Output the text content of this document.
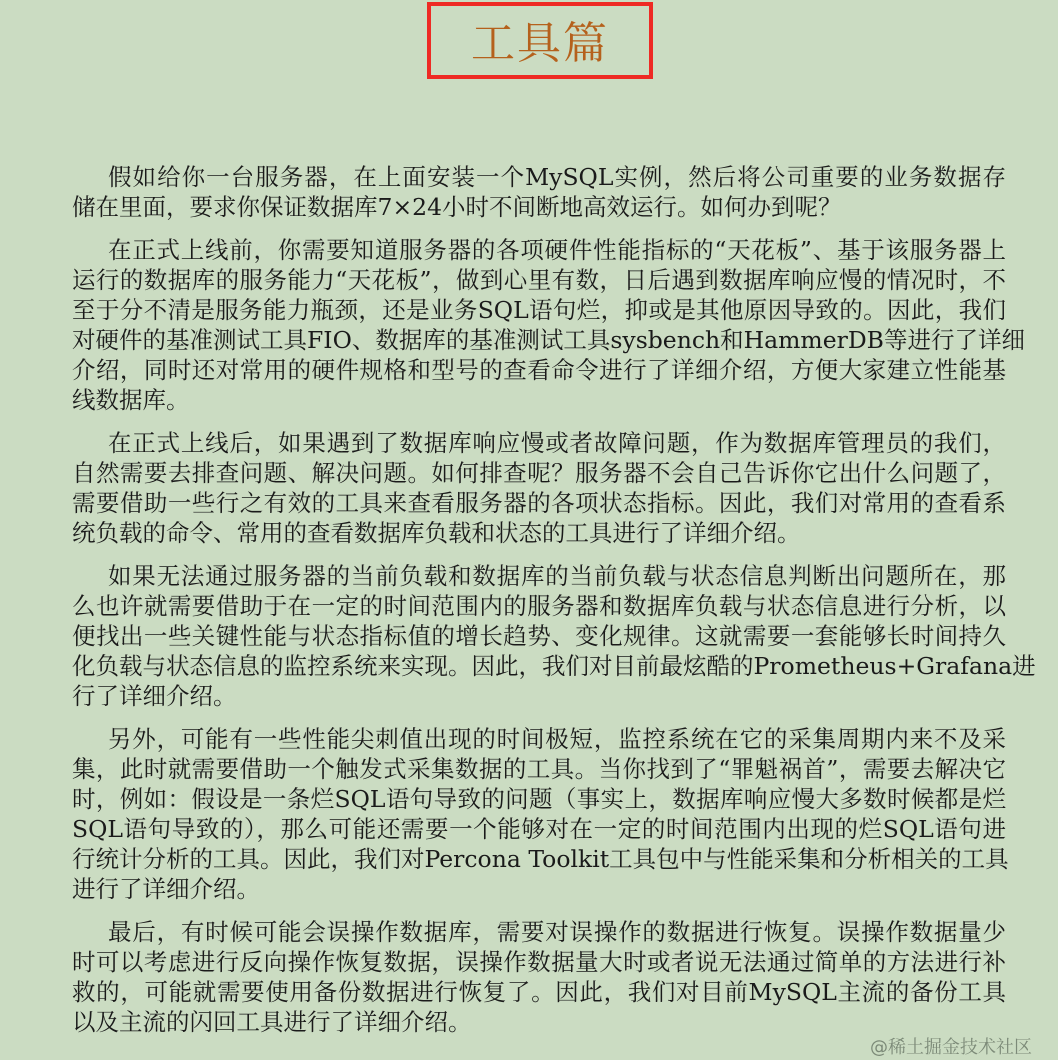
工具篇
假如给你一台服务器，在上面安装一个MySQL实例，然后将公司重要的业务数据存
储在里面，要求你保证数据库7×24小时不间断地高效运行。如何办到呢？
在正式上线前，你需要知道服务器的各项硬件性能指标的“天花板”、基于该服务器上
运行的数据库的服务能力“天花板”，做到心里有数，日后遇到数据库响应慢的情况时，不
至于分不清是服务能力瓶颈，还是业务SQL语句烂，抑或是其他原因导致的。因此，我们
对硬件的基准测试工具FIO、数据库的基准测试工具sysbench和HammerDB等进行了详细
介绍，同时还对常用的硬件规格和型号的查看命令进行了详细介绍，方便大家建立性能基
线数据库。
在正式上线后，如果遇到了数据库响应慢或者故障问题，作为数据库管理员的我们，
自然需要去排查问题、解决问题。如何排查呢？服务器不会自己告诉你它出什么问题了，
需要借助一些行之有效的工具来查看服务器的各项状态指标。因此，我们对常用的查看系
统负载的命令、常用的查看数据库负载和状态的工具进行了详细介绍。
如果无法通过服务器的当前负载和数据库的当前负载与状态信息判断出问题所在，那
么也许就需要借助于在一定的时间范围内的服务器和数据库负载与状态信息进行分析，以
便找出一些关键性能与状态指标值的增长趋势、变化规律。这就需要一套能够长时间持久
化负载与状态信息的监控系统来实现。因此，我们对目前最炫酷的Prometheus+Grafana进
行了详细介绍。
另外，可能有一些性能尖刺值出现的时间极短，监控系统在它的采集周期内来不及采
集，此时就需要借助一个触发式采集数据的工具。当你找到了“罪魁祸首”，需要去解决它
时，例如：假设是一条烂SQL语句导致的问题（事实上，数据库响应慢大多数时候都是烂
SQL语句导致的），那么可能还需要一个能够对在一定的时间范围内出现的烂SQL语句进
行统计分析的工具。因此，我们对Percona Toolkit工具包中与性能采集和分析相关的工具
进行了详细介绍。
最后，有时候可能会误操作数据库，需要对误操作的数据进行恢复。误操作数据量少
时可以考虑进行反向操作恢复数据，误操作数据量大时或者说无法通过简单的方法进行补
救的，可能就需要使用备份数据进行恢复了。因此，我们对目前MySQL主流的备份工具
以及主流的闪回工具进行了详细介绍。
@稀土掘金技术社区
